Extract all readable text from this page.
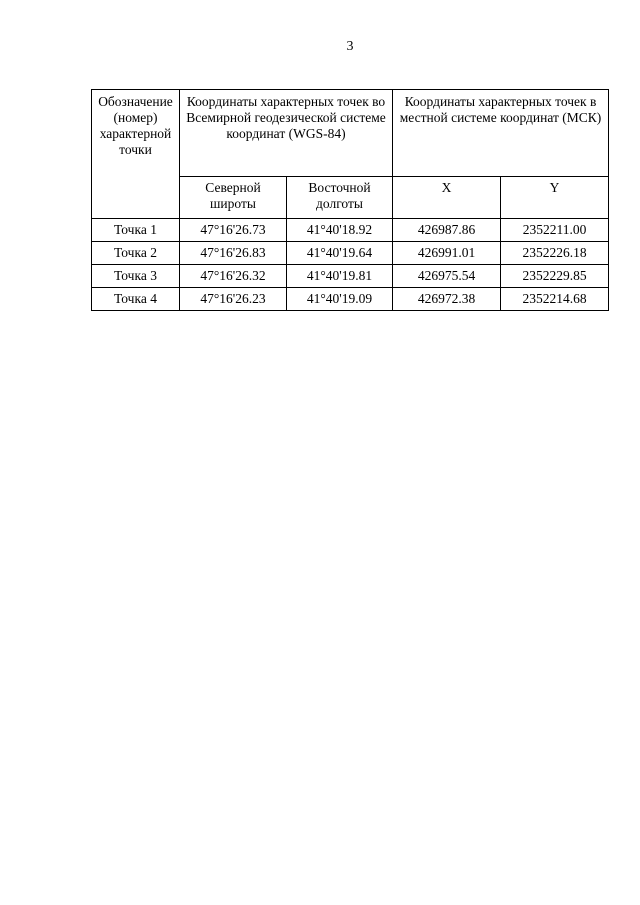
3
Обозначение (номер) характерной точки	Координаты характерных точек во Всемирной геодезической системе координат (WGS-84)		Координаты характерных точек в местной системе координат (МСК)	
	Северной широты	Восточной долготы	X	Y
Точка 1	47°16'26.73	41°40'18.92	426987.86	2352211.00
Точка 2	47°16'26.83	41°40'19.64	426991.01	2352226.18
Точка 3	47°16'26.32	41°40'19.81	426975.54	2352229.85
Точка 4	47°16'26.23	41°40'19.09	426972.38	2352214.68
